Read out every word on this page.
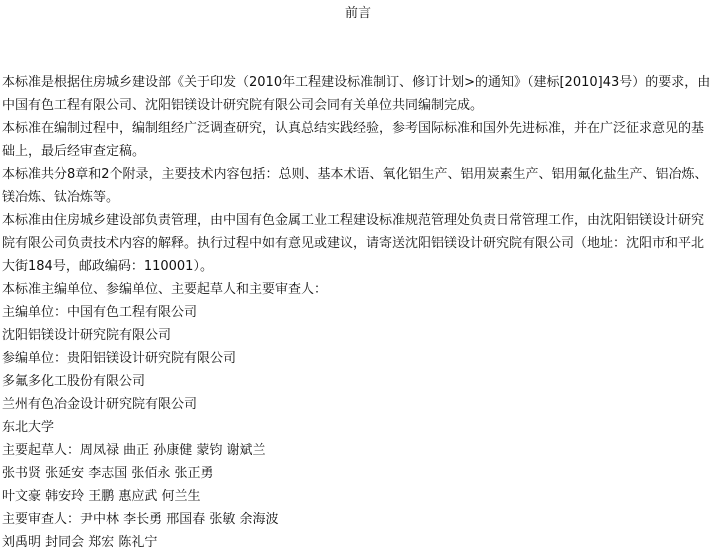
前言

本标准是根据住房城乡建设部《关于印发（2010年工程建设标准制订、修订计划>的通知》（建标[2010]43号）的要求，由中国有色工程有限公司、沈阳铝镁设计研究院有限公司会同有关单位共同编制完成。

本标准在编制过程中，编制组经广泛调查研究，认真总结实践经验，参考国际标准和国外先进标准，并在广泛征求意见的基础上，最后经审查定稿。

本标准共分8章和2个附录，主要技术内容包括：总则、基本术语、氧化铝生产、铝用炭素生产、铝用氟化盐生产、铝冶炼、镁冶炼、钛冶炼等。

本标准由住房城乡建设部负责管理，由中国有色金属工业工程建设标准规范管理处负责日常管理工作，由沈阳铝镁设计研究院有限公司负责技术内容的解释。执行过程中如有意见或建议，请寄送沈阳铝镁设计研究院有限公司（地址：沈阳市和平北大街184号，邮政编码：110001）。

本标准主编单位、参编单位、主要起草人和主要审查人：

主编单位：中国有色工程有限公司

沈阳铝镁设计研究院有限公司

参编单位：贵阳铝镁设计研究院有限公司

多氟多化工股份有限公司

兰州有色冶金设计研究院有限公司

东北大学

主要起草人：周凤禄 曲正 孙康健 蒙钧 谢斌兰

张书贤 张延安 李志国 张佰永 张正勇

叶文豪 韩安玲 王鹏 惠应武 何兰生

主要审查人：尹中林 李长勇 邢国春 张敏 余海波

刘禹明 封同会 郑宏 陈礼宁
